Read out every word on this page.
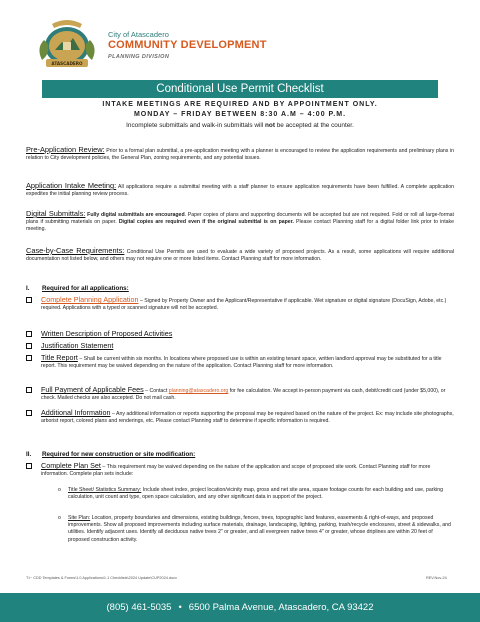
ATASCADERO
City of Atascadero
COMMUNITY DEVELOPMENT
PLANNING DIVISION
Conditional Use Permit Checklist
INTAKE MEETINGS ARE REQUIRED AND BY APPOINTMENT ONLY.
MONDAY – FRIDAY BETWEEN 8:30 A.M – 4:00 P.M.
Incomplete submittals and walk-in submittals will not be accepted at the counter.
Pre-Application Review: Prior to a formal plan submittal, a pre-application meeting with a planner is encouraged to review the application requirements and preliminary plans in relation to City development policies, the General Plan, zoning requirements, and any potential issues.
Application Intake Meeting: All applications require a submittal meeting with a staff planner to ensure application requirements have been fulfilled. A complete application expedites the initial planning review process.
Digital Submittals: Fully digital submittals are encouraged. Paper copies of plans and supporting documents will be accepted but are not required. Fold or roll all large-format plans if submitting materials on paper. Digital copies are required even if the original submittal is on paper. Please contact Planning staff for a digital folder link prior to intake meeting.
Case-by-Case Requirements: Conditional Use Permits are used to evaluate a wide variety of proposed projects. As a result, some applications will require additional documentation not listed below, and others may not require one or more listed items. Contact Planning staff for more information.
I. Required for all applications:
Complete Planning Application – Signed by Property Owner and the Applicant/Representative if applicable. Wet signature or digital signature (DocuSign, Adobe, etc.) required. Applications with a typed or scanned signature will not be accepted.
Written Description of Proposed Activities
Justification Statement
Title Report – Shall be current within six months. In locations where proposed use is within an existing tenant space, written landlord approval may be substituted for a title report. This requirement may be waived depending on the nature of the application. Contact Planning staff for more information.
Full Payment of Applicable Fees – Contact planning@atascadero.org for fee calculation. We accept in-person payment via cash, debit/credit card (under $5,000), or check. Mailed checks are also accepted. Do not mail cash.
Additional Information – Any additional information or reports supporting the proposal may be required based on the nature of the project. Ex: may include site photographs, arborist report, colored plans and renderings, etc. Please contact Planning staff to determine if specific information is required.
II. Required for new construction or site modification:
Complete Plan Set – This requirement may be waived depending on the nature of the application and scope of proposed site work. Contact Planning staff for more information. Complete plan sets include:
o Title Sheet/ Statistics Summary: Include sheet index, project location/vicinity map, gross and net site area, square footage counts for each building and use, parking calculation, unit count and type, open space calculation, and any other significant data in support of the project.
o Site Plan: Location, property boundaries and dimensions, existing buildings, fences, trees, topographic land features, easements & right-of-ways, and proposed improvements. Show all proposed improvements including surface materials, drainage, landscaping, lighting, parking, trash/recycle enclosures, street & sidewalks, and utilities. Identify adjacent uses. Identify all deciduous native trees 2" or greater, and all evergreen native trees 4" or greater, whose driplines are within 20 feet of proposed construction activity.
T:\~ CDD Templates & Forms\1.0 Applications\1.1 Checklists\2024 Update\CUP2024.docx	REV.Nov-24
(805) 461-5035 • 6500 Palma Avenue, Atascadero, CA 93422
